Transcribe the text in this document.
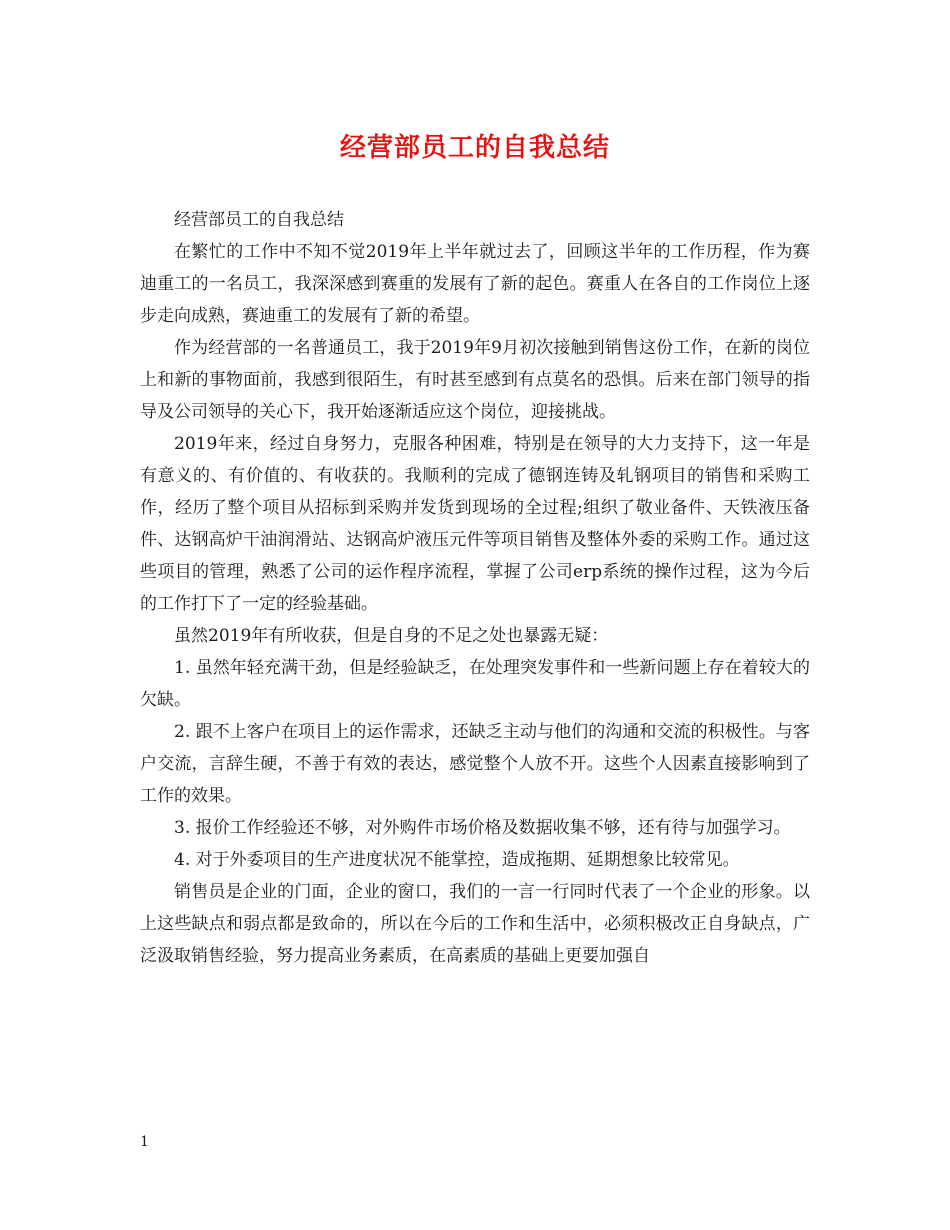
经营部员工的自我总结

经营部员工的自我总结

在繁忙的工作中不知不觉2019年上半年就过去了，回顾这半年的工作历程，作为赛迪重工的一名员工，我深深感到赛重的发展有了新的起色。赛重人在各自的工作岗位上逐步走向成熟，赛迪重工的发展有了新的希望。

作为经营部的一名普通员工，我于2019年9月初次接触到销售这份工作，在新的岗位上和新的事物面前，我感到很陌生，有时甚至感到有点莫名的恐惧。后来在部门领导的指导及公司领导的关心下，我开始逐渐适应这个岗位，迎接挑战。

2019年来，经过自身努力，克服各种困难，特别是在领导的大力支持下，这一年是有意义的、有价值的、有收获的。我顺利的完成了德钢连铸及轧钢项目的销售和采购工作，经历了整个项目从招标到采购并发货到现场的全过程;组织了敬业备件、天铁液压备件、达钢高炉干油润滑站、达钢高炉液压元件等项目销售及整体外委的采购工作。通过这些项目的管理，熟悉了公司的运作程序流程，掌握了公司erp系统的操作过程，这为今后的工作打下了一定的经验基础。

虽然2019年有所收获，但是自身的不足之处也暴露无疑：

1. 虽然年轻充满干劲，但是经验缺乏，在处理突发事件和一些新问题上存在着较大的欠缺。

2. 跟不上客户在项目上的运作需求，还缺乏主动与他们的沟通和交流的积极性。与客户交流，言辞生硬，不善于有效的表达，感觉整个人放不开。这些个人因素直接影响到了工作的效果。

3. 报价工作经验还不够，对外购件市场价格及数据收集不够，还有待与加强学习。

4. 对于外委项目的生产进度状况不能掌控，造成拖期、延期想象比较常见。

销售员是企业的门面，企业的窗口，我们的一言一行同时代表了一个企业的形象。以上这些缺点和弱点都是致命的，所以在今后的工作和生活中，必须积极改正自身缺点，广泛汲取销售经验，努力提高业务素质，在高素质的基础上更要加强自

1
